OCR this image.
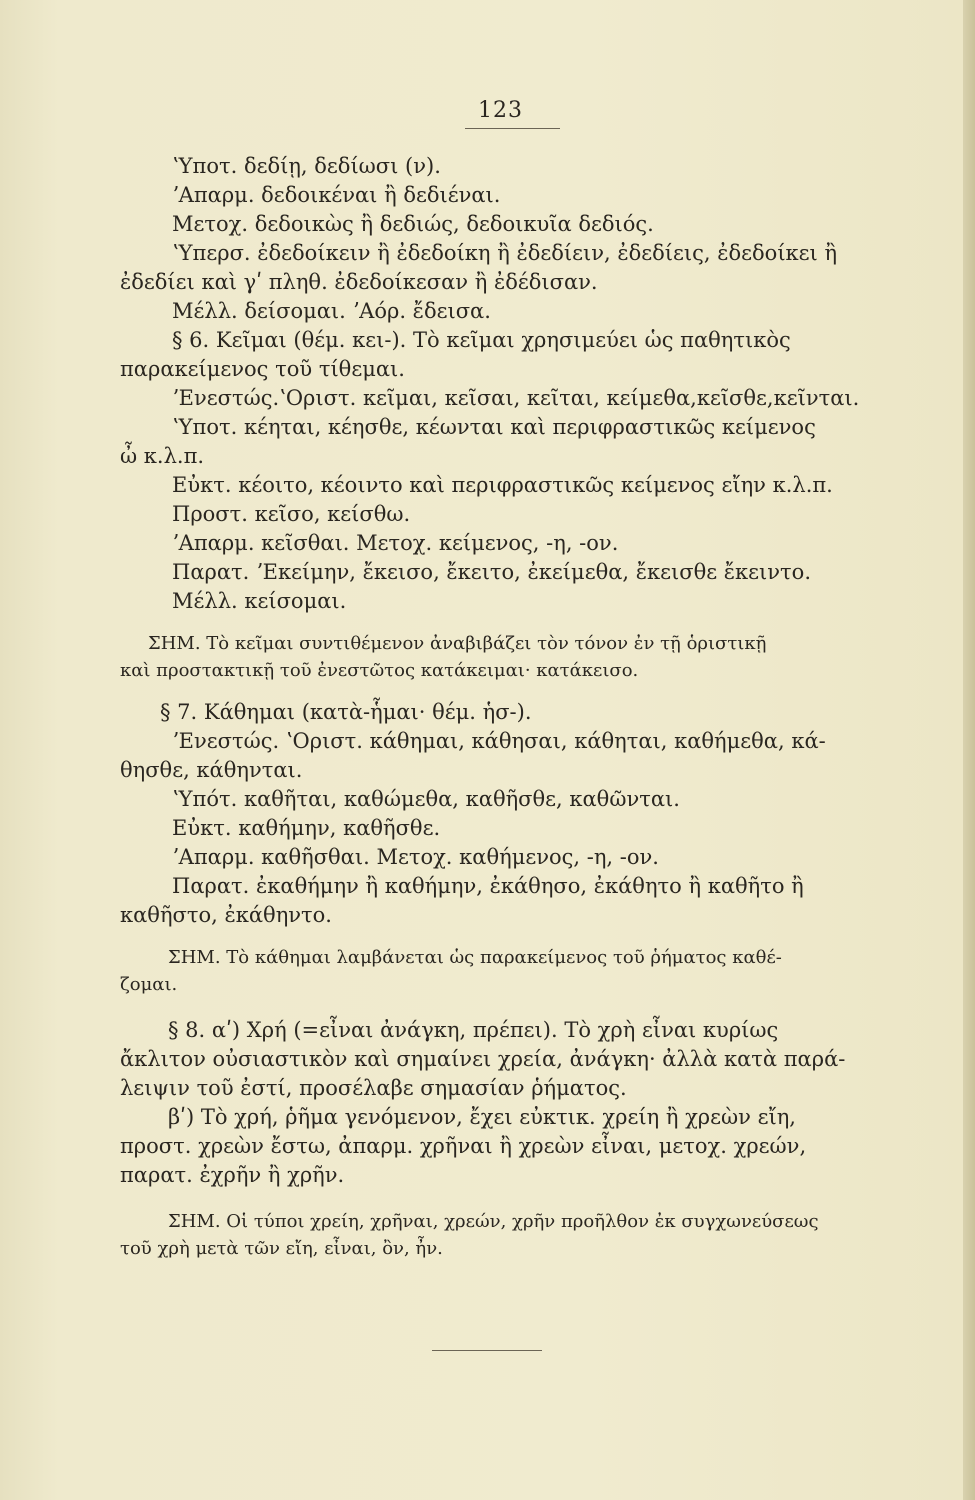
123
ʽΥποτ. δεδίῃ, δεδίωσι (ν).
ʼΑπαρμ. δεδοικέναι ἢ δεδιέναι.
Μετοχ. δεδοικὼς ἢ δεδιώς, δεδοικυῖα δεδιός.
ʽΥπερσ. ἐδεδοίκειν ἢ ἐδεδοίκη ἢ ἐδεδίειν, ἐδεδίεις, ἐδεδοίκει ἢ
ἐδεδίει καὶ γʹ πληθ. ἐδεδοίκεσαν ἢ ἐδέδισαν.
Μέλλ. δείσομαι. ʼΑόρ. ἔδεισα.
§ 6. Κεῖμαι (θέμ. κει-). Τὸ κεῖμαι χρησιμεύει ὡς παθητικὸς
παρακείμενος τοῦ τίθεμαι.
ʼΕνεστώς.ʽΟριστ. κεῖμαι, κεῖσαι, κεῖται, κείμεθα,κεῖσθε,κεῖνται.
ʽΥποτ. κέηται, κέησθε, κέωνται καὶ περιφραστικῶς κείμενος
ὦ κ.λ.π.
Εὐκτ. κέοιτο, κέοιντο καὶ περιφραστικῶς κείμενος εἴην κ.λ.π.
Προστ. κεῖσο, κείσθω.
ʼΑπαρμ. κεῖσθαι. Μετοχ. κείμενος, -η, -ον.
Παρατ. ʼΕκείμην, ἔκεισο, ἔκειτο, ἐκείμεθα, ἔκεισθε ἔκειντο.
Μέλλ. κείσομαι.
ΣΗΜ. Τὸ κεῖμαι συντιθέμενον ἀναβιβάζει τὸν τόνον ἐν τῇ ὁριστικῇ
καὶ προστακτικῇ τοῦ ἐνεστῶτος κατάκειμαι· κατάκεισο.
§ 7. Κάθημαι (κατὰ-ἧμαι· θέμ. ἡσ-).
ʼΕνεστώς. ʽΟριστ. κάθημαι, κάθησαι, κάθηται, καθήμεθα, κά-
θησθε, κάθηνται.
ʽΥπότ. καθῆται, καθώμεθα, καθῆσθε, καθῶνται.
Εὐκτ. καθήμην, καθῆσθε.
ʼΑπαρμ. καθῆσθαι. Μετοχ. καθήμενος, -η, -ον.
Παρατ. ἐκαθήμην ἢ καθήμην, ἐκάθησο, ἐκάθητο ἢ καθῆτο ἢ
καθῆστο, ἐκάθηντο.
ΣΗΜ. Τὸ κάθημαι λαμβάνεται ὡς παρακείμενος τοῦ ῥήματος καθέ-
ζομαι.
§ 8. αʹ) Χρή (=εἶναι ἀνάγκη, πρέπει). Τὸ χρὴ εἶναι κυρίως
ἄκλιτον οὐσιαστικὸν καὶ σημαίνει χρεία, ἀνάγκη· ἀλλὰ κατὰ παρά-
λειψιν τοῦ ἐστί, προσέλαβε σημασίαν ῥήματος.
βʹ) Τὸ χρή, ῥῆμα γενόμενον, ἔχει εὐκτικ. χρείη ἢ χρεὼν εἴη,
προστ. χρεὼν ἔστω, ἀπαρμ. χρῆναι ἢ χρεὼν εἶναι, μετοχ. χρεών,
παρατ. ἐχρῆν ἢ χρῆν.
ΣΗΜ. Οἱ τύποι χρείη, χρῆναι, χρεών, χρῆν προῆλθον ἐκ συγχωνεύσεως
τοῦ χρὴ μετὰ τῶν εἴη, εἶναι, ὂν, ἦν.
